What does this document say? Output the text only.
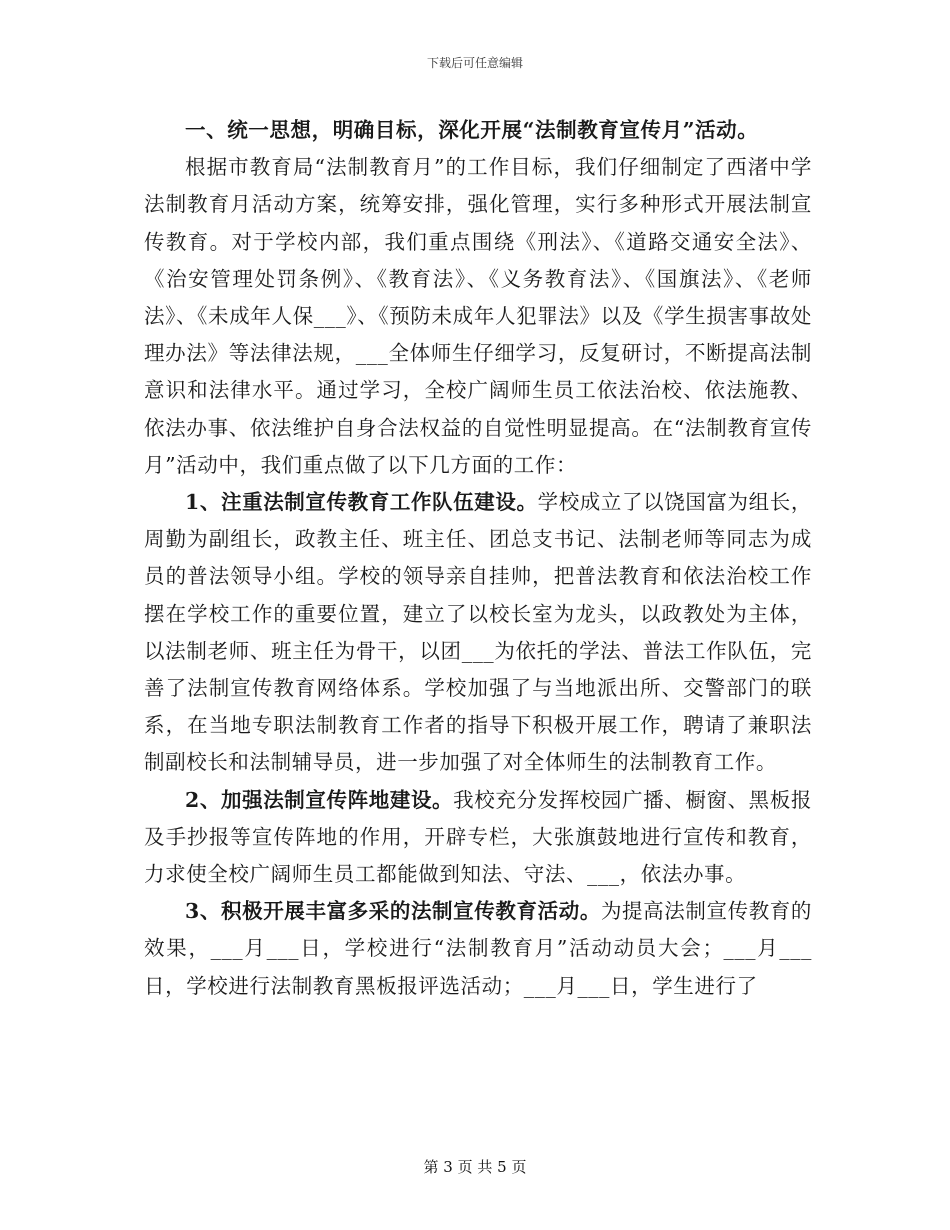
下载后可任意编辑

一、统一思想，明确目标，深化开展“法制教育宣传月”活动。

根据市教育局“法制教育月”的工作目标，我们仔细制定了西渚中学法制教育月活动方案，统筹安排，强化管理，实行多种形式开展法制宣传教育。对于学校内部，我们重点围绕《刑法》、《道路交通安全法》、《治安管理处罚条例》、《教育法》、《义务教育法》、《国旗法》、《老师法》、《未成年人保___》、《预防未成年人犯罪法》以及《学生损害事故处理办法》等法律法规，___全体师生仔细学习，反复研讨，不断提高法制意识和法律水平。通过学习，全校广阔师生员工依法治校、依法施教、依法办事、依法维护自身合法权益的自觉性明显提高。在“法制教育宣传月”活动中，我们重点做了以下几方面的工作：

1、注重法制宣传教育工作队伍建设。学校成立了以饶国富为组长，周勤为副组长，政教主任、班主任、团总支书记、法制老师等同志为成员的普法领导小组。学校的领导亲自挂帅，把普法教育和依法治校工作摆在学校工作的重要位置，建立了以校长室为龙头，以政教处为主体，以法制老师、班主任为骨干，以团___为依托的学法、普法工作队伍，完善了法制宣传教育网络体系。学校加强了与当地派出所、交警部门的联系，在当地专职法制教育工作者的指导下积极开展工作，聘请了兼职法制副校长和法制辅导员，进一步加强了对全体师生的法制教育工作。

2、加强法制宣传阵地建设。我校充分发挥校园广播、橱窗、黑板报及手抄报等宣传阵地的作用，开辟专栏，大张旗鼓地进行宣传和教育，力求使全校广阔师生员工都能做到知法、守法、___，依法办事。

3、积极开展丰富多采的法制宣传教育活动。为提高法制宣传教育的效果，___月___日，学校进行“法制教育月”活动动员大会；___月___日，学校进行法制教育黑板报评选活动；___月___日，学生进行了

第 3 页 共 5 页
